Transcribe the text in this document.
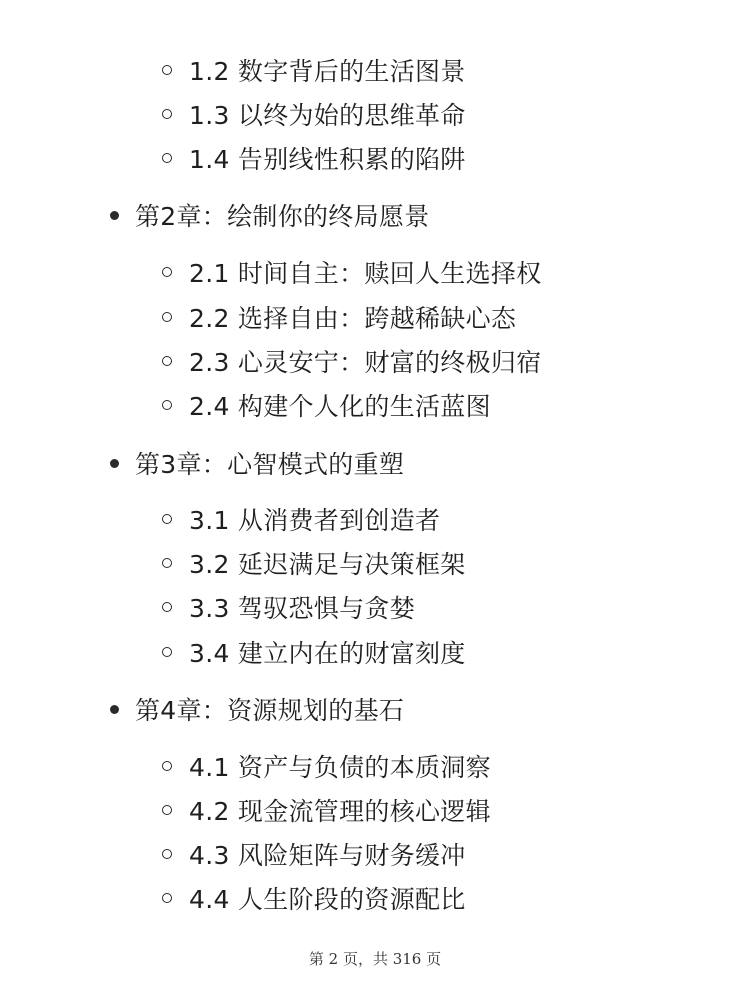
1.2 数字背后的生活图景
1.3 以终为始的思维革命
1.4 告别线性积累的陷阱
第2章：绘制你的终局愿景
2.1 时间自主：赎回人生选择权
2.2 选择自由：跨越稀缺心态
2.3 心灵安宁：财富的终极归宿
2.4 构建个人化的生活蓝图
第3章：心智模式的重塑
3.1 从消费者到创造者
3.2 延迟满足与决策框架
3.3 驾驭恐惧与贪婪
3.4 建立内在的财富刻度
第4章：资源规划的基石
4.1 资产与负债的本质洞察
4.2 现金流管理的核心逻辑
4.3 风险矩阵与财务缓冲
4.4 人生阶段的资源配比
第 2 页，共 316 页
